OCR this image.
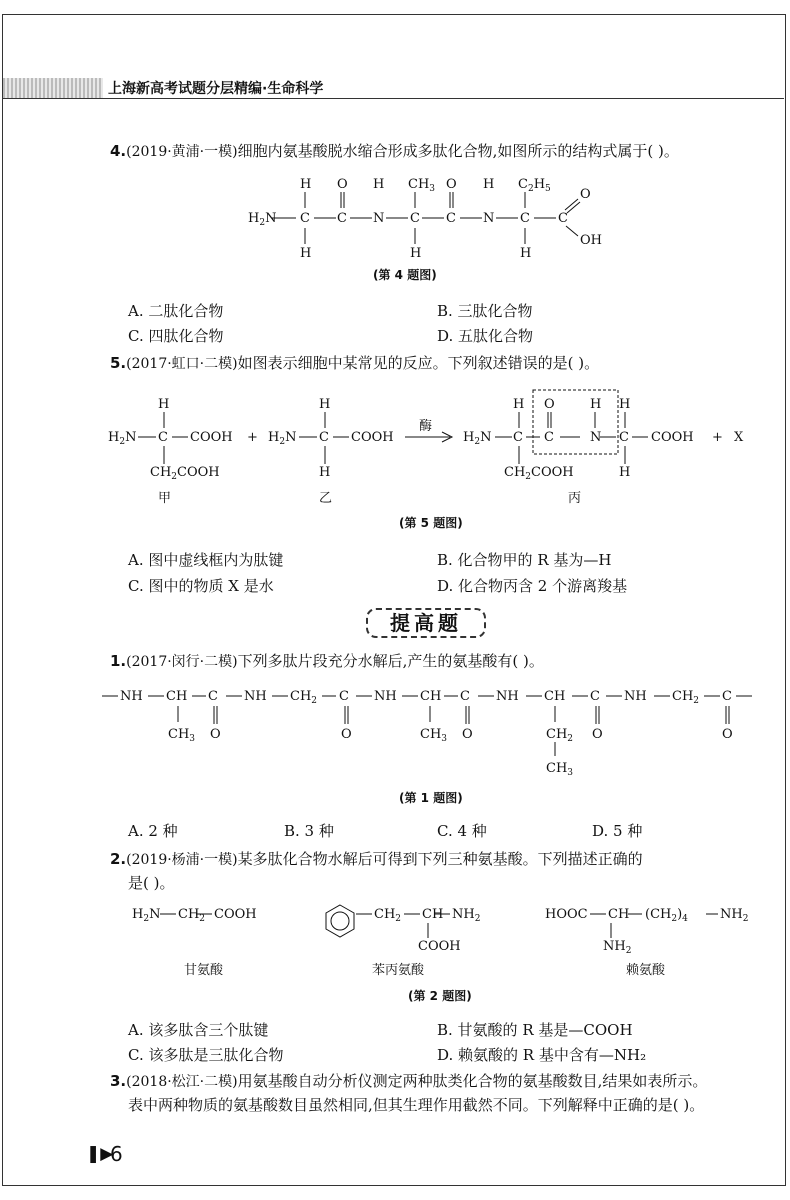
上海新高考试题分层精编·生命科学
4.(2019·黄浦·一模)细胞内氨基酸脱水缩合形成多肽化合物,如图所示的结构式属于( )。
$H_2N$ C
H
H
C
O
N
H
C
$CH_3$
H
C
O
N
H
C
$C_2H_5$
H
C
O
OH
$H_2N$ C
H
COOH
$CH_2COOH$
+ $H_2N$ C
H
H
COOH
酶
$H_2N$ C
H
C
O
N
H
C
H
H
COOH + X
$CH_2COOH$
甲	乙	丙
NH CH C NH $CH_2$ C NH CH C NH CH C NH $CH_2$ C
$CH_3$ O	O	$CH_3$ O	$CH_2$ O	O
$CH_3$
$H_2N$ $CH_2$ COOH	$CH_2$ CH $NH_2$
COOH
HOOC CH $(CH_2)_4$ $NH_2$
$NH_2$
甘氨酸	苯丙氨酸	赖氨酸
(第 4 题图)
A. 二肽化合物	B. 三肽化合物
C. 四肽化合物	D. 五肽化合物
5.(2017·虹口·二模)如图表示细胞中某常见的反应。下列叙述错误的是( )。
(第 5 题图)
A. 图中虚线框内为肽键	B. 化合物甲的 R 基为—H
C. 图中的物质 X 是水	D. 化合物丙含 2 个游离羧基
提高题
1.(2017·闵行·二模)下列多肽片段充分水解后,产生的氨基酸有( )。
(第 1 题图)
A. 2 种	B. 3 种	C. 4 种	D. 5 种
2.(2019·杨浦·一模)某多肽化合物水解后可得到下列三种氨基酸。下列描述正确的
是( )。
(第 2 题图)
A. 该多肽含三个肽键	B. 甘氨酸的 R 基是—COOH
C. 该多肽是三肽化合物	D. 赖氨酸的 R 基中含有—NH₂
3.(2018·松江·二模)用氨基酸自动分析仪测定两种肽类化合物的氨基酸数目,结果如表所示。
表中两种物质的氨基酸数目虽然相同,但其生理作用截然不同。下列解释中正确的是( )。
❚▶
6
